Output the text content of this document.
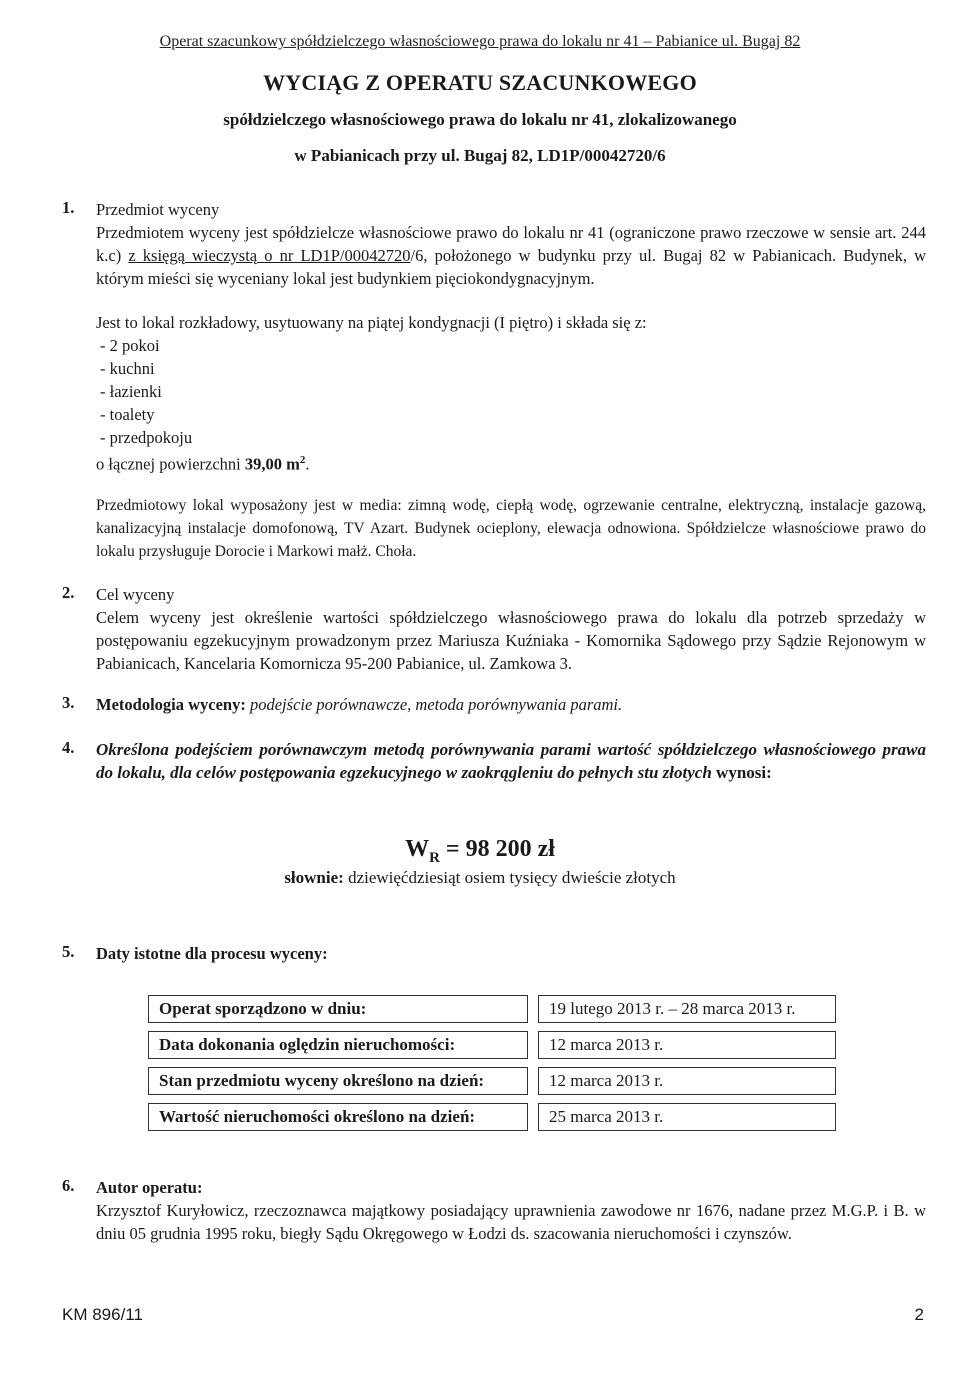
Operat szacunkowy spółdzielczego własnościowego prawa do lokalu nr 41 – Pabianice ul. Bugaj 82
WYCIĄG Z OPERATU SZACUNKOWEGO
spółdzielczego własnościowego prawa do lokalu nr 41, zlokalizowanego
w Pabianicach przy ul. Bugaj 82, LD1P/00042720/6
1. Przedmiot wyceny

Przedmiotem wyceny jest spółdzielcze własnościowe prawo do lokalu nr 41 (ograniczone prawo rzeczowe w sensie art. 244 k.c) z księgą wieczystą o nr LD1P/00042720/6, położonego w budynku przy ul. Bugaj 82 w Pabianicach. Budynek, w którym mieści się wyceniany lokal jest budynkiem pięciokondygnacyjnym.

Jest to lokal rozkładowy, usytuowany na piątej kondygnacji (I piętro) i składa się z:

- 2 pokoi
- kuchni
- łazienki
- toalety
- przedpokoju

o łącznej powierzchni 39,00 $m^2$.

Przedmiotowy lokal wyposażony jest w media: zimną wodę, ciepłą wodę, ogrzewanie centralne, elektryczną, instalacje gazową, kanalizacyjną instalacje domofonową, TV Azart. Budynek ocieplony, elewacja odnowiona. Spółdzielcze własnościowe prawo do lokalu przysługuje Dorocie i Markowi małż. Choła.
2. Cel wyceny

Celem wyceny jest określenie wartości spółdzielczego własnościowego prawa do lokalu dla potrzeb sprzedaży w postępowaniu egzekucyjnym prowadzonym przez Mariusza Kuźniaka - Komornika Sądowego przy Sądzie Rejonowym w Pabianicach, Kancelaria Komornicza 95-200 Pabianice, ul. Zamkowa 3.

3. Metodologia wyceny: podejście porównawcze, metoda porównywania parami.

4. Określona podejściem porównawczym metodą porównywania parami wartość spółdzielczego własnościowego prawa do lokalu, dla celów postępowania egzekucyjnego w zaokrągleniu do pełnych stu złotych wynosi:
$W_R = 98$ 200 zł
słownie: dziewięćdziesiąt osiem tysięcy dwieście złotych
5. Daty istotne dla procesu wyceny:
Operat sporządzono w dniu:		19 lutego 2013 r. – 28 marca 2013 r.
Data dokonania oględzin nieruchomości:		12 marca 2013 r.
Stan przedmiotu wyceny określono na dzień:		12 marca 2013 r.
Wartość nieruchomości określono na dzień:		25 marca 2013 r.
6. Autor operatu:

Krzysztof Kuryłowicz, rzeczoznawca majątkowy posiadający uprawnienia zawodowe nr 1676, nadane przez M.G.P. i B. w dniu 05 grudnia 1995 roku, biegły Sądu Okręgowego w Łodzi ds. szacowania nieruchomości i czynszów.

KM 896/11	2
